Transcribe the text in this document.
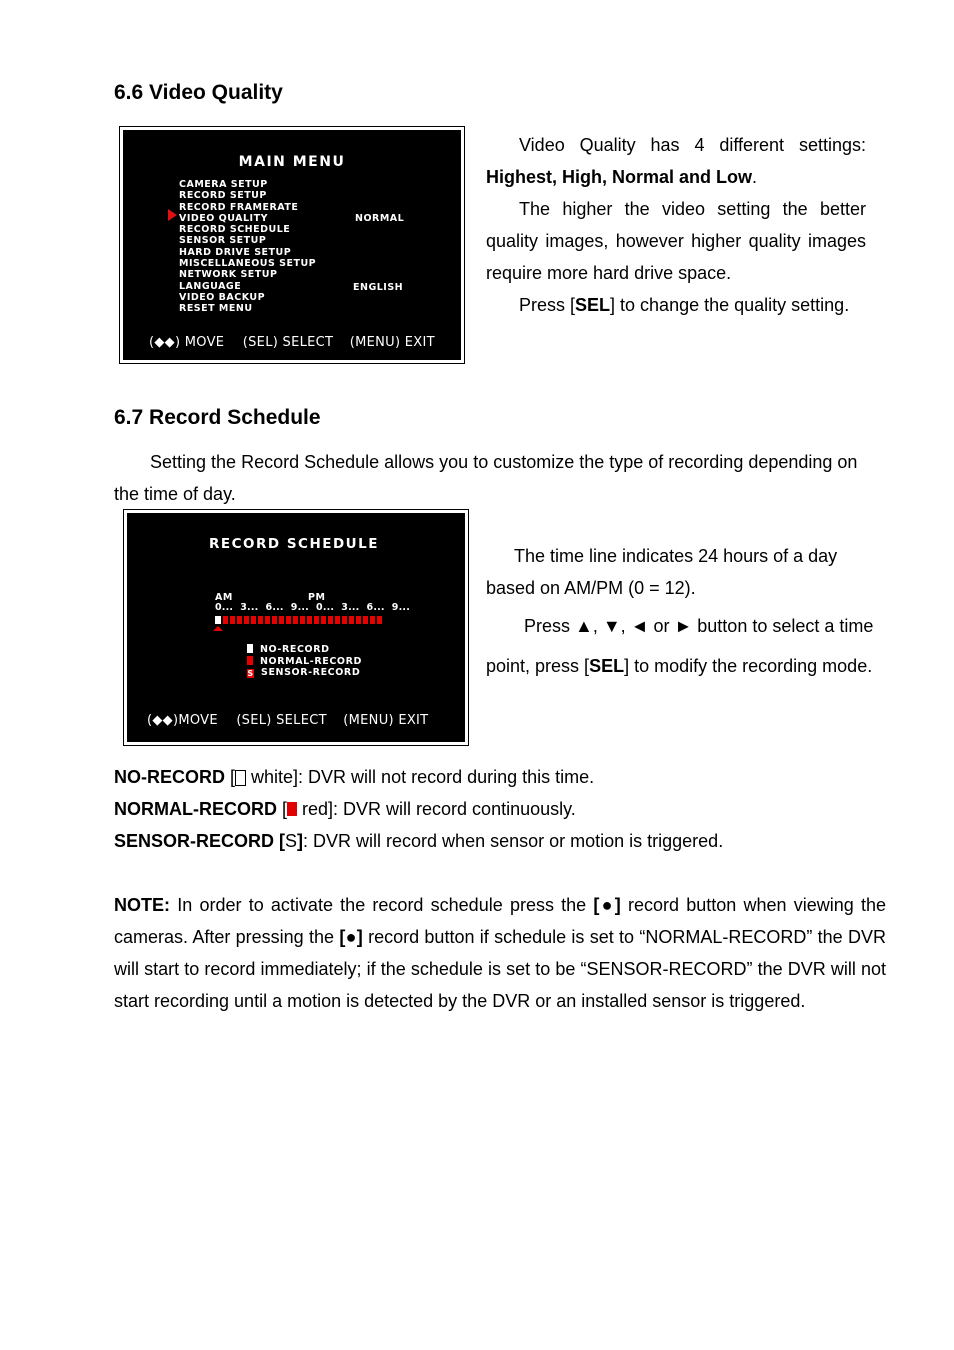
6.6 Video Quality
MAIN MENU
CAMERA SETUP
RECORD SETUP
RECORD FRAMERATE
VIDEO QUALITY
RECORD SCHEDULE
SENSOR SETUP
HARD DRIVE SETUP
MISCELLANEOUS SETUP
NETWORK SETUP
LANGUAGE
VIDEO BACKUP
RESET MENU
NORMAL
ENGLISH
(◆◆) MOVE (SEL) SELECT (MENU) EXIT
Video Quality has 4 different settings: Highest, High, Normal and Low.
The higher the video setting the better quality images, however higher quality images require more hard drive space.
Press [SEL] to change the quality setting.
6.7 Record Schedule
Setting the Record Schedule allows you to customize the type of recording depending on the time of day.
RECORD SCHEDULE
AM	PM
0...  3...  6...  9...  0...  3...  6...  9...
NO-RECORD
NORMAL-RECORD
S SENSOR-RECORD
(◆◆)MOVE (SEL) SELECT (MENU) EXIT
The time line indicates 24 hours of a day based on AM/PM (0 = 12).
Press ▲, ▼, ◄ or ► button to select a time point, press [SEL] to modify the recording mode.
NO-RECORD [ white]: DVR will not record during this time.
NORMAL-RECORD [ red]: DVR will record continuously.
SENSOR-RECORD [S]: DVR will record when sensor or motion is triggered.
NOTE: In order to activate the record schedule press the [●] record button when viewing the cameras. After pressing the [●] record button if schedule is set to “NORMAL-RECORD” the DVR will start to record immediately; if the schedule is set to be “SENSOR-RECORD” the DVR will not start recording until a motion is detected by the DVR or an installed sensor is triggered.
